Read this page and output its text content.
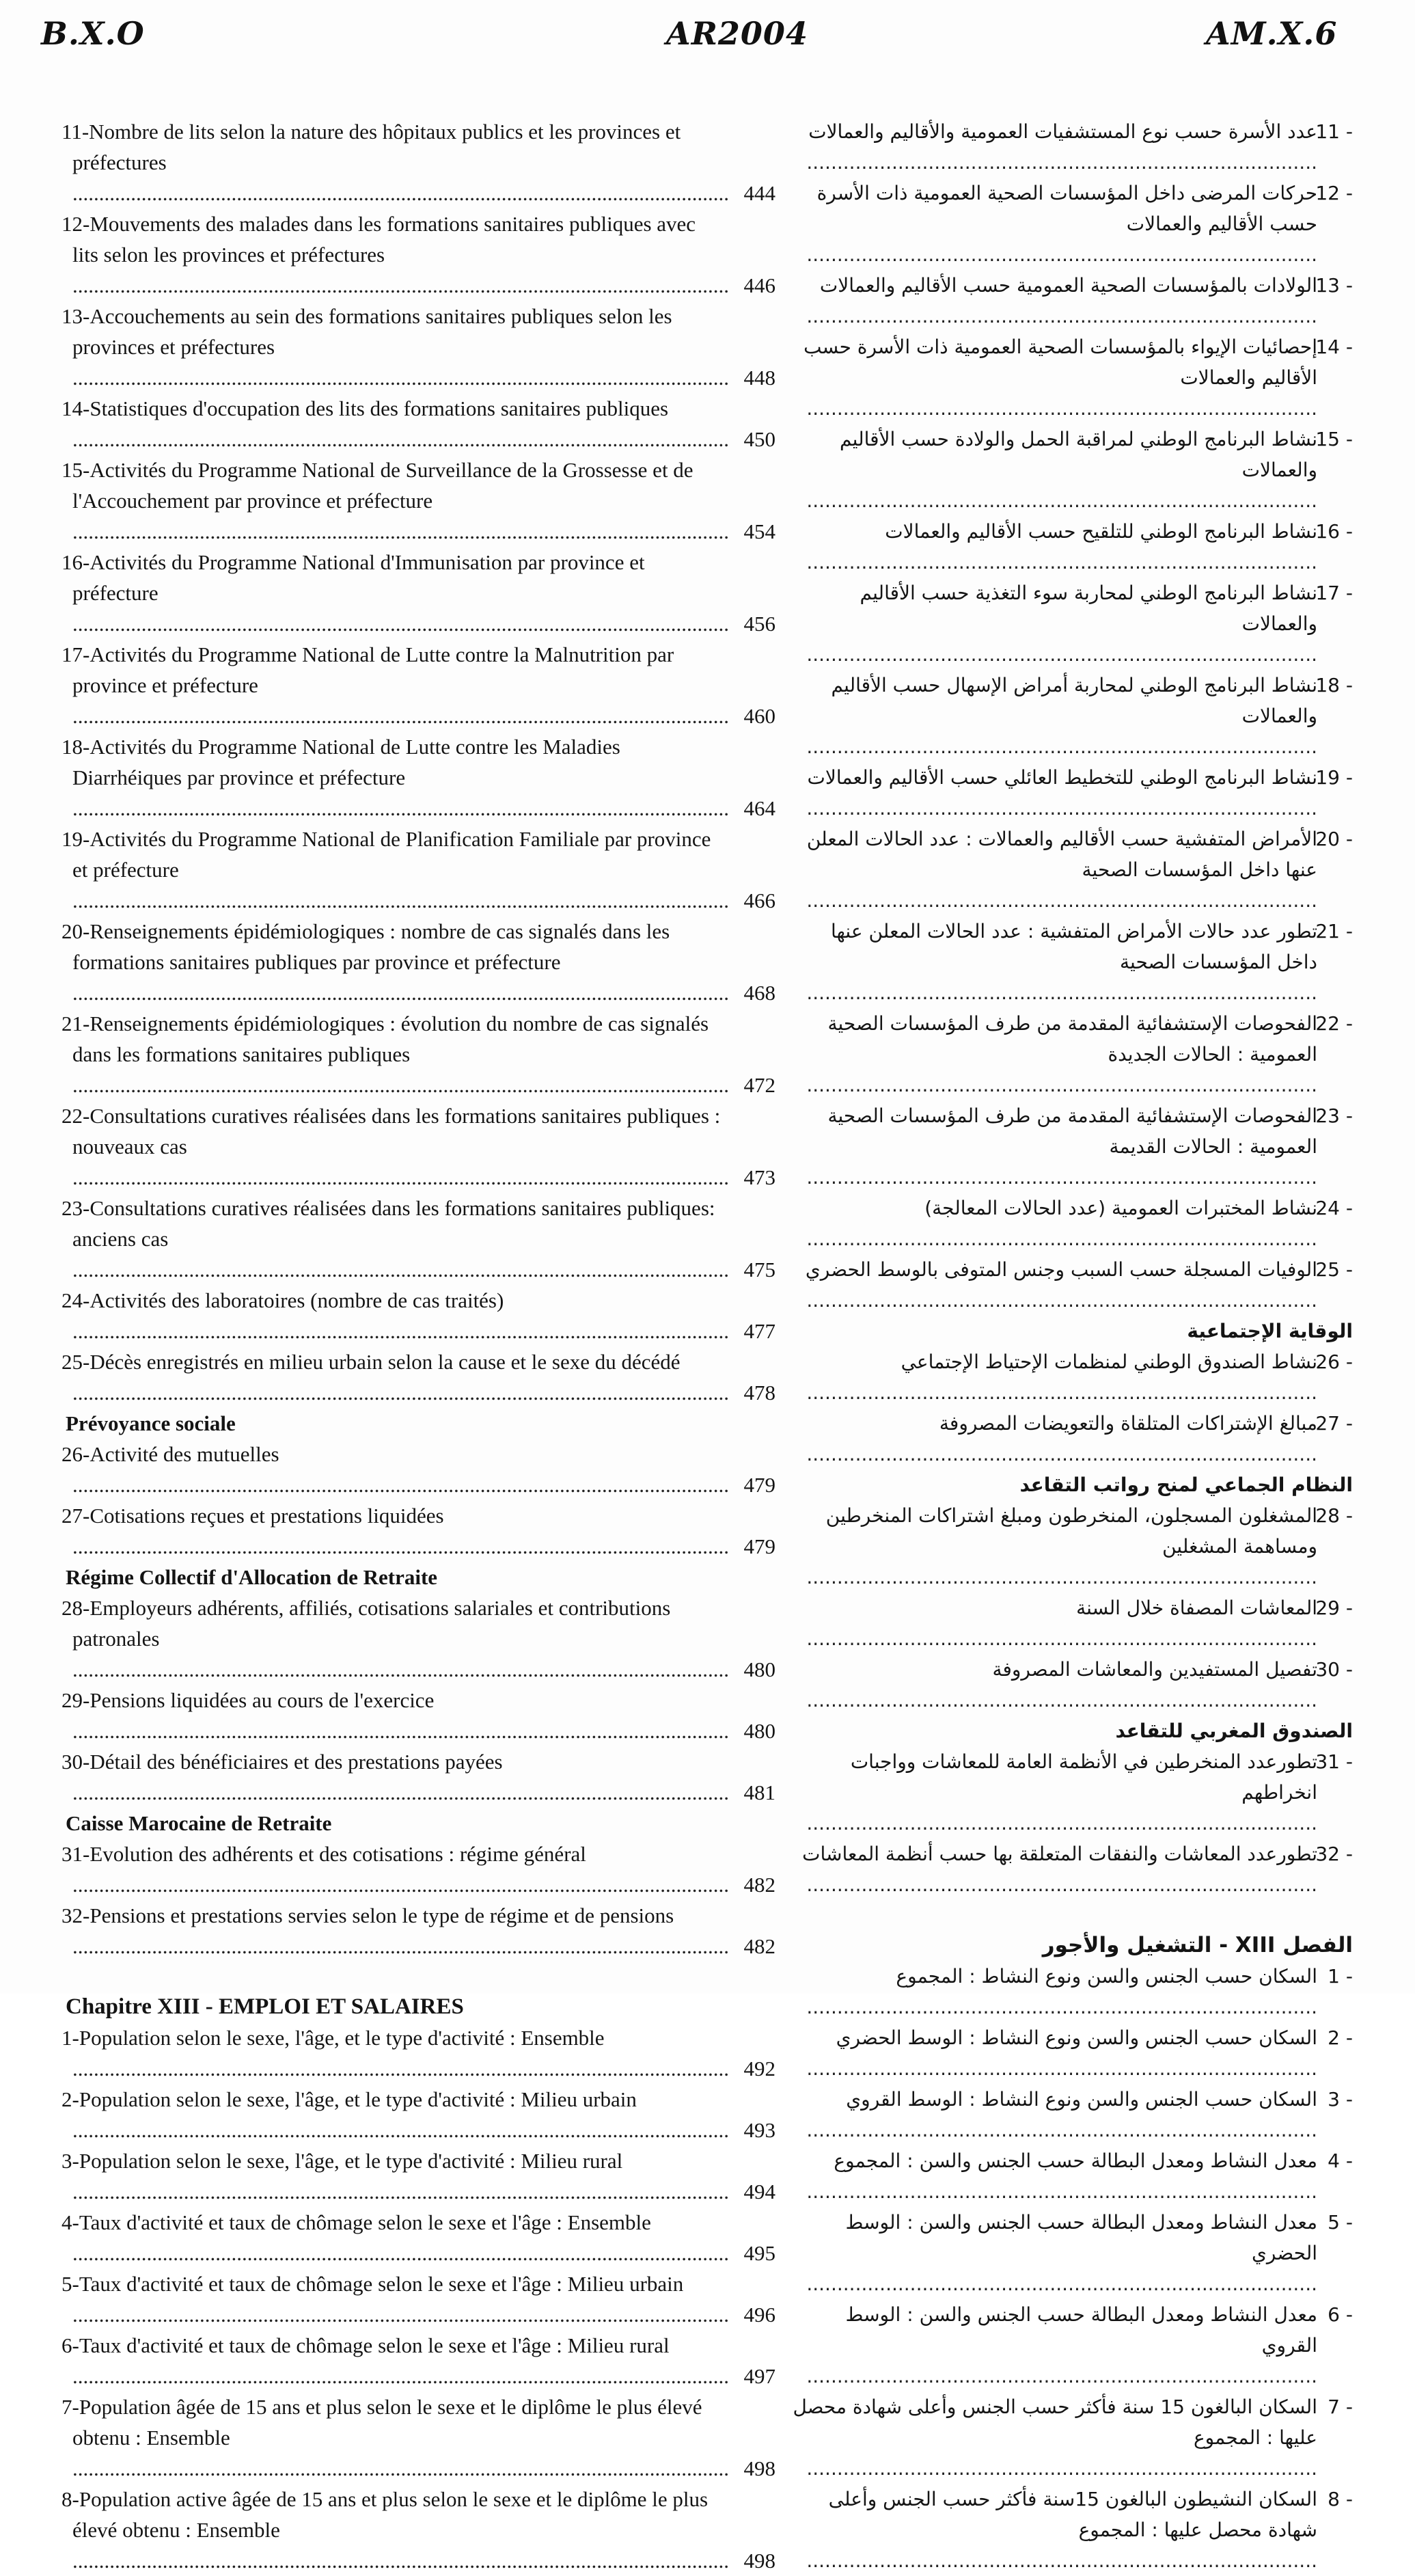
B.X.O	AR2004	AM.X.6
11-Nombre de lits selon la nature des hôpitaux publics et les provinces et préfectures .....
444
12-Mouvements des malades dans les formations sanitaires publiques avec lits selon les provinces et préfectures .....
446
13-Accouchements au sein des formations sanitaires publiques selon les provinces et préfectures .....
448
14-Statistiques d'occupation des lits des formations sanitaires publiques .....
450
15-Activités du Programme National de Surveillance de la Grossesse et de l'Accouchement par province et préfecture .....
454
16-Activités du Programme National d'Immunisation par province et préfecture .....
456
17-Activités du Programme National de Lutte contre la Malnutrition par province et préfecture .....
460
18-Activités du Programme National de Lutte contre les Maladies Diarrhéiques par province et préfecture .....
464
19-Activités du Programme National de Planification Familiale par province et préfecture .....
466
20-Renseignements épidémiologiques : nombre de cas signalés dans les formations sanitaires publiques par province et préfecture .....
468
21-Renseignements épidémiologiques : évolution du nombre de cas signalés dans les formations sanitaires publiques .....
472
22-Consultations curatives réalisées dans les formations sanitaires publiques : nouveaux cas .....
473
23-Consultations curatives réalisées dans les formations sanitaires publiques: anciens cas .....
475
24-Activités des laboratoires (nombre de cas traités) .....
477
25-Décès enregistrés en milieu urbain selon la cause et le sexe du décédé .....
478
Prévoyance sociale
26-Activité des mutuelles .....
479
27-Cotisations reçues et prestations liquidées .....
479
Régime Collectif d'Allocation de Retraite
28-Employeurs adhérents, affiliés, cotisations salariales et contributions patronales .....
480
29-Pensions liquidées au cours de l'exercice .....
480
30-Détail des bénéficiaires et des prestations payées .....
481
Caisse Marocaine de Retraite
31-Evolution des adhérents et des cotisations : régime général .....
482
32-Pensions et prestations servies selon le type de régime et de pensions .....
482
Chapitre XIII - EMPLOI ET SALAIRES
1-Population selon le sexe, l'âge, et le type d'activité : Ensemble .....
492
2-Population selon le sexe, l'âge, et le type d'activité : Milieu urbain .....
493
3-Population selon le sexe, l'âge, et le type d'activité : Milieu rural .....
494
4-Taux d'activité et taux de chômage selon le sexe et l'âge : Ensemble .....
495
5-Taux d'activité et taux de chômage selon le sexe et l'âge : Milieu urbain .....
496
6-Taux d'activité et taux de chômage selon le sexe et l'âge : Milieu rural .....
497
7-Population âgée de 15 ans et plus selon le sexe et le diplôme le plus élevé obtenu : Ensemble .....
498
8-Population active âgée de 15 ans et plus selon le sexe et le diplôme le plus élevé obtenu : Ensemble .....
498
11 -
عدد الأسرة حسب نوع المستشفيات العمومية والأقاليم والعمالات .....
12 -
حركات المرضى داخل المؤسسات الصحية العمومية ذات الأسرة حسب الأقاليم والعمالات .....
13 -
الولادات بالمؤسسات الصحية العمومية حسب الأقاليم والعمالات .....
14 -
إحصائيات الإيواء بالمؤسسات الصحية العمومية ذات الأسرة حسب الأقاليم والعمالات .....
15 -
نشاط البرنامج الوطني لمراقبة الحمل والولادة حسب الأقاليم والعمالات .....
16 -
نشاط البرنامج الوطني للتلقيح حسب الأقاليم والعمالات .....
17 -
نشاط البرنامج الوطني لمحاربة سوء التغذية حسب الأقاليم والعمالات .....
18 -
نشاط البرنامج الوطني لمحاربة أمراض الإسهال حسب الأقاليم والعمالات .....
19 -
نشاط البرنامج الوطني للتخطيط العائلي حسب الأقاليم والعمالات .....
20 -
الأمراض المتفشية حسب الأقاليم والعمالات : عدد الحالات المعلن عنها داخل المؤسسات الصحية .....
21 -
تطور عدد حالات الأمراض المتفشية : عدد الحالات المعلن عنها داخل المؤسسات الصحية .....
22 -
الفحوصات الإستشفائية المقدمة من طرف المؤسسات الصحية العمومية : الحالات الجديدة .....
23 -
الفحوصات الإستشفائية المقدمة من طرف المؤسسات الصحية العمومية : الحالات القديمة .....
24 -
نشاط المختبرات العمومية (عدد الحالات المعالجة) .....
25 -
الوفيات المسجلة حسب السبب وجنس المتوفى بالوسط الحضري .....
الوقاية الإجتماعية
26 -
نشاط الصندوق الوطني لمنظمات الإحتياط الإجتماعي .....
27 -
مبالغ الإشتراكات المتلقاة والتعويضات المصروفة .....
النظام الجماعي لمنح رواتب التقاعد
28 -
المشغلون المسجلون، المنخرطون ومبلغ اشتراكات المنخرطين ومساهمة المشغلين .....
29 -
المعاشات المصفاة خلال السنة .....
30 -
تفصيل المستفيدين والمعاشات المصروفة .....
الصندوق المغربي للتقاعد
31 -
تطورعدد المنخرطين في الأنظمة العامة للمعاشات وواجبات انخراطهم .....
32 -
تطورعدد المعاشات والنفقات المتعلقة بها حسب أنظمة المعاشات .....
الفصل XIII - التشغيل والأجور
1 -
السكان حسب الجنس والسن ونوع النشاط : المجموع .....
2 -
السكان حسب الجنس والسن ونوع النشاط : الوسط الحضري .....
3 -
السكان حسب الجنس والسن ونوع النشاط : الوسط القروي .....
4 -
معدل النشاط ومعدل البطالة حسب الجنس والسن : المجموع .....
5 -
معدل النشاط ومعدل البطالة حسب الجنس والسن : الوسط الحضري .....
6 -
معدل النشاط ومعدل البطالة حسب الجنس والسن : الوسط القروي .....
7 -
السكان البالغون 15 سنة فأكثر حسب الجنس وأعلى شهادة محصل عليها : المجموع .....
8 -
السكان النشيطون البالغون 15سنة فأكثر حسب الجنس وأعلى شهادة محصل عليها : المجموع .....
